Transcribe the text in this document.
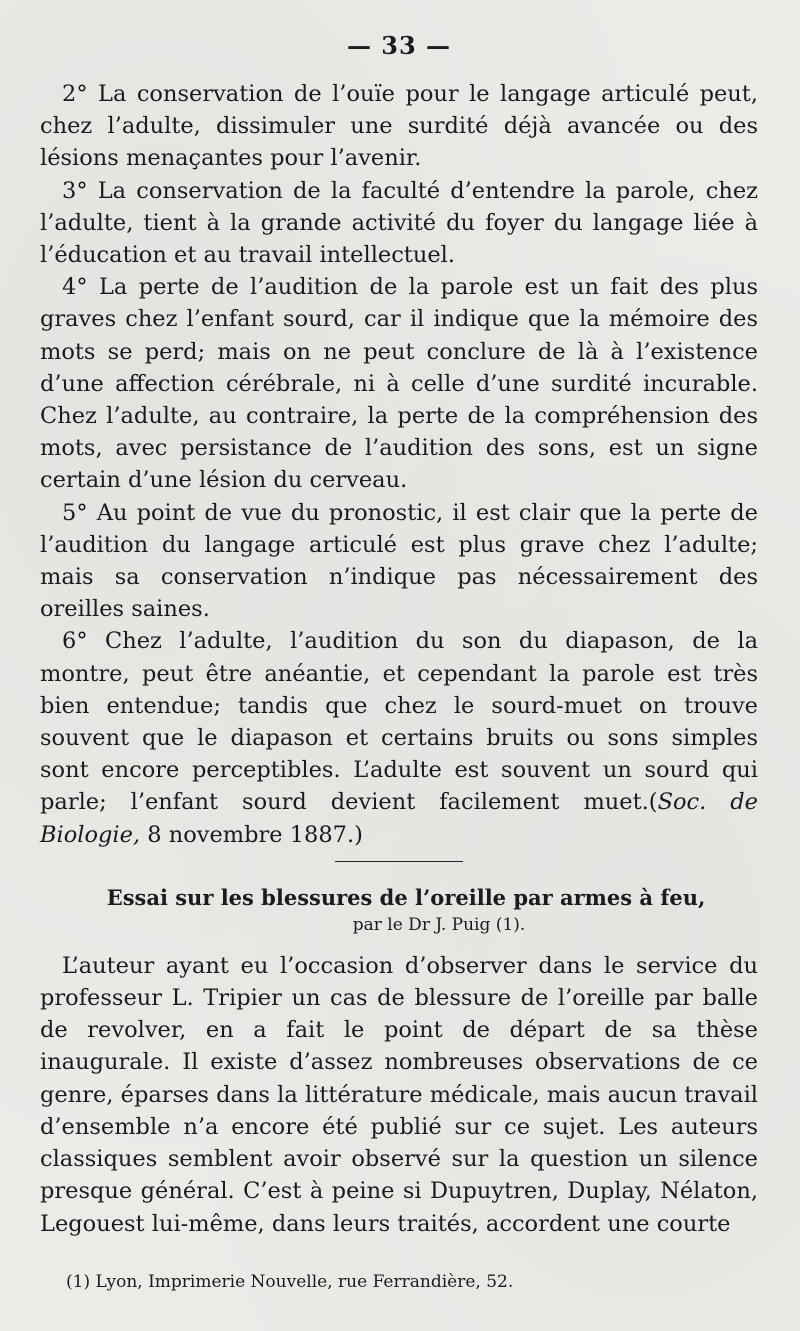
— 33 —

2° La conservation de l’ouïe pour le langage articulé peut, chez l’adulte, dissimuler une surdité déjà avancée ou des lésions menaçantes pour l’avenir.

3° La conservation de la faculté d’entendre la parole, chez l’adulte, tient à la grande activité du foyer du langage liée à l’éducation et au travail intellectuel.

4° La perte de l’audition de la parole est un fait des plus graves chez l’enfant sourd, car il indique que la mémoire des mots se perd; mais on ne peut conclure de là à l’existence d’une affection cérébrale, ni à celle d’une surdité incurable. Chez l’adulte, au contraire, la perte de la compréhension des mots, avec persistance de l’audition des sons, est un signe certain d’une lésion du cerveau.

5° Au point de vue du pronostic, il est clair que la perte de l’audition du langage articulé est plus grave chez l’adulte; mais sa conservation n’indique pas nécessairement des oreilles saines.

6° Chez l’adulte, l’audition du son du diapason, de la montre, peut être anéantie, et cependant la parole est très bien entendue; tandis que chez le sourd-muet on trouve souvent que le diapason et certains bruits ou sons simples sont encore perceptibles. L’adulte est souvent un sourd qui parle; l’enfant sourd devient facilement muet.(Soc. de Biologie, 8 novembre 1887.)

Essai sur les blessures de l’oreille par armes à feu,

par le Dr J. Puig (1).

L’auteur ayant eu l’occasion d’observer dans le service du professeur L. Tripier un cas de blessure de l’oreille par balle de revolver, en a fait le point de départ de sa thèse inaugurale. Il existe d’assez nombreuses observations de ce genre, éparses dans la littérature médicale, mais aucun travail d’ensemble n’a encore été publié sur ce sujet. Les auteurs classiques semblent avoir observé sur la question un silence presque général. C’est à peine si Dupuytren, Duplay, Nélaton, Legouest lui-même, dans leurs traités, accordent une courte

(1) Lyon, Imprimerie Nouvelle, rue Ferrandière, 52.
